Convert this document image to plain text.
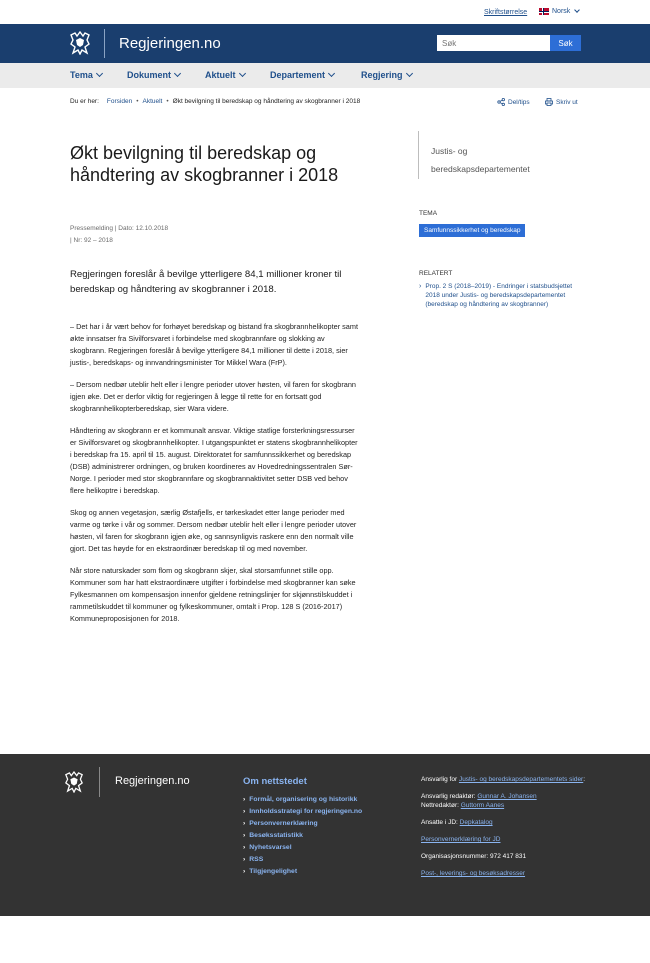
Skriftstørrelse	Norsk
Regjeringen.no
Søk	Søk
Tema	Dokument	Aktuelt	Departement	Regjering
Du er her: Forsiden • Aktuelt • Økt bevilgning til beredskap og håndtering av skogbranner i 2018	Del/tips	Skriv ut
Økt bevilgning til beredskap og håndtering av skogbranner i 2018
Pressemelding | Dato: 12.10.2018
| Nr: 92 – 2018

Regjeringen foreslår å bevilge ytterligere 84,1 millioner kroner til beredskap og håndtering av skogbranner i 2018.

– Det har i år vært behov for forhøyet beredskap og bistand fra skogbrannhelikopter samt økte innsatser fra Sivilforsvaret i forbindelse med skogbrannfare og slokking av skogbrann. Regjeringen foreslår å bevilge ytterligere 84,1 millioner til dette i 2018, sier justis-, beredskaps- og innvandringsminister Tor Mikkel Wara (FrP).

– Dersom nedbør uteblir helt eller i lengre perioder utover høsten, vil faren for skogbrann igjen øke. Det er derfor viktig for regjeringen å legge til rette for en fortsatt god skogbrannhelikopterberedskap, sier Wara videre.

Håndtering av skogbrann er et kommunalt ansvar. Viktige statlige forsterkningsressurser er Sivilforsvaret og skogbrannhelikopter. I utgangspunktet er statens skogbrannhelikopter i beredskap fra 15. april til 15. august. Direktoratet for samfunnssikkerhet og beredskap (DSB) administrerer ordningen, og bruken koordineres av Hovedredningssentralen Sør-Norge. I perioder med stor skogbrannfare og skogbrannaktivitet setter DSB ved behov flere helikoptre i beredskap.

Skog og annen vegetasjon, særlig Østafjells, er tørkeskadet etter lange perioder med varme og tørke i vår og sommer. Dersom nedbør uteblir helt eller i lengre perioder utover høsten, vil faren for skogbrann igjen øke, og sannsynligvis raskere enn den normalt ville gjort. Det tas høyde for en ekstraordinær beredskap til og med november.

Når store naturskader som flom og skogbrann skjer, skal storsamfunnet stille opp. Kommuner som har hatt ekstraordinære utgifter i forbindelse med skogbranner kan søke Fylkesmannen om kompensasjon innenfor gjeldene retningslinjer for skjønnstilskuddet i rammetilskuddet til kommuner og fylkeskommuner, omtalt i Prop. 128 S (2016-2017) Kommuneproposisjonen for 2018.

Justis- og beredskapsdepartementet
TEMA
Samfunnssikkerhet og beredskap
RELATERT
› Prop. 2 S (2018–2019) - Endringer i statsbudsjettet 2018 under Justis- og beredskapsdepartementet (beredskap og håndtering av skogbranner)
Regjeringen.no	Om nettstedet
› Formål, organisering og historikk
› Innholdsstrategi for regjeringen.no
› Personvernerklæring
› Besøksstatistikk
› Nyhetsvarsel
› RSS
› Tilgjengelighet
Ansvarlig for Justis- og beredskapsdepartementets sider:
Ansvarlig redaktør: Gunnar A. Johansen
Nettredaktør: Guttorm Aanes
Ansatte i JD: Depkatalog
Personvernerklæring for JD
Organisasjonsnummer: 972 417 831
Post-, leverings- og besøksadresser
